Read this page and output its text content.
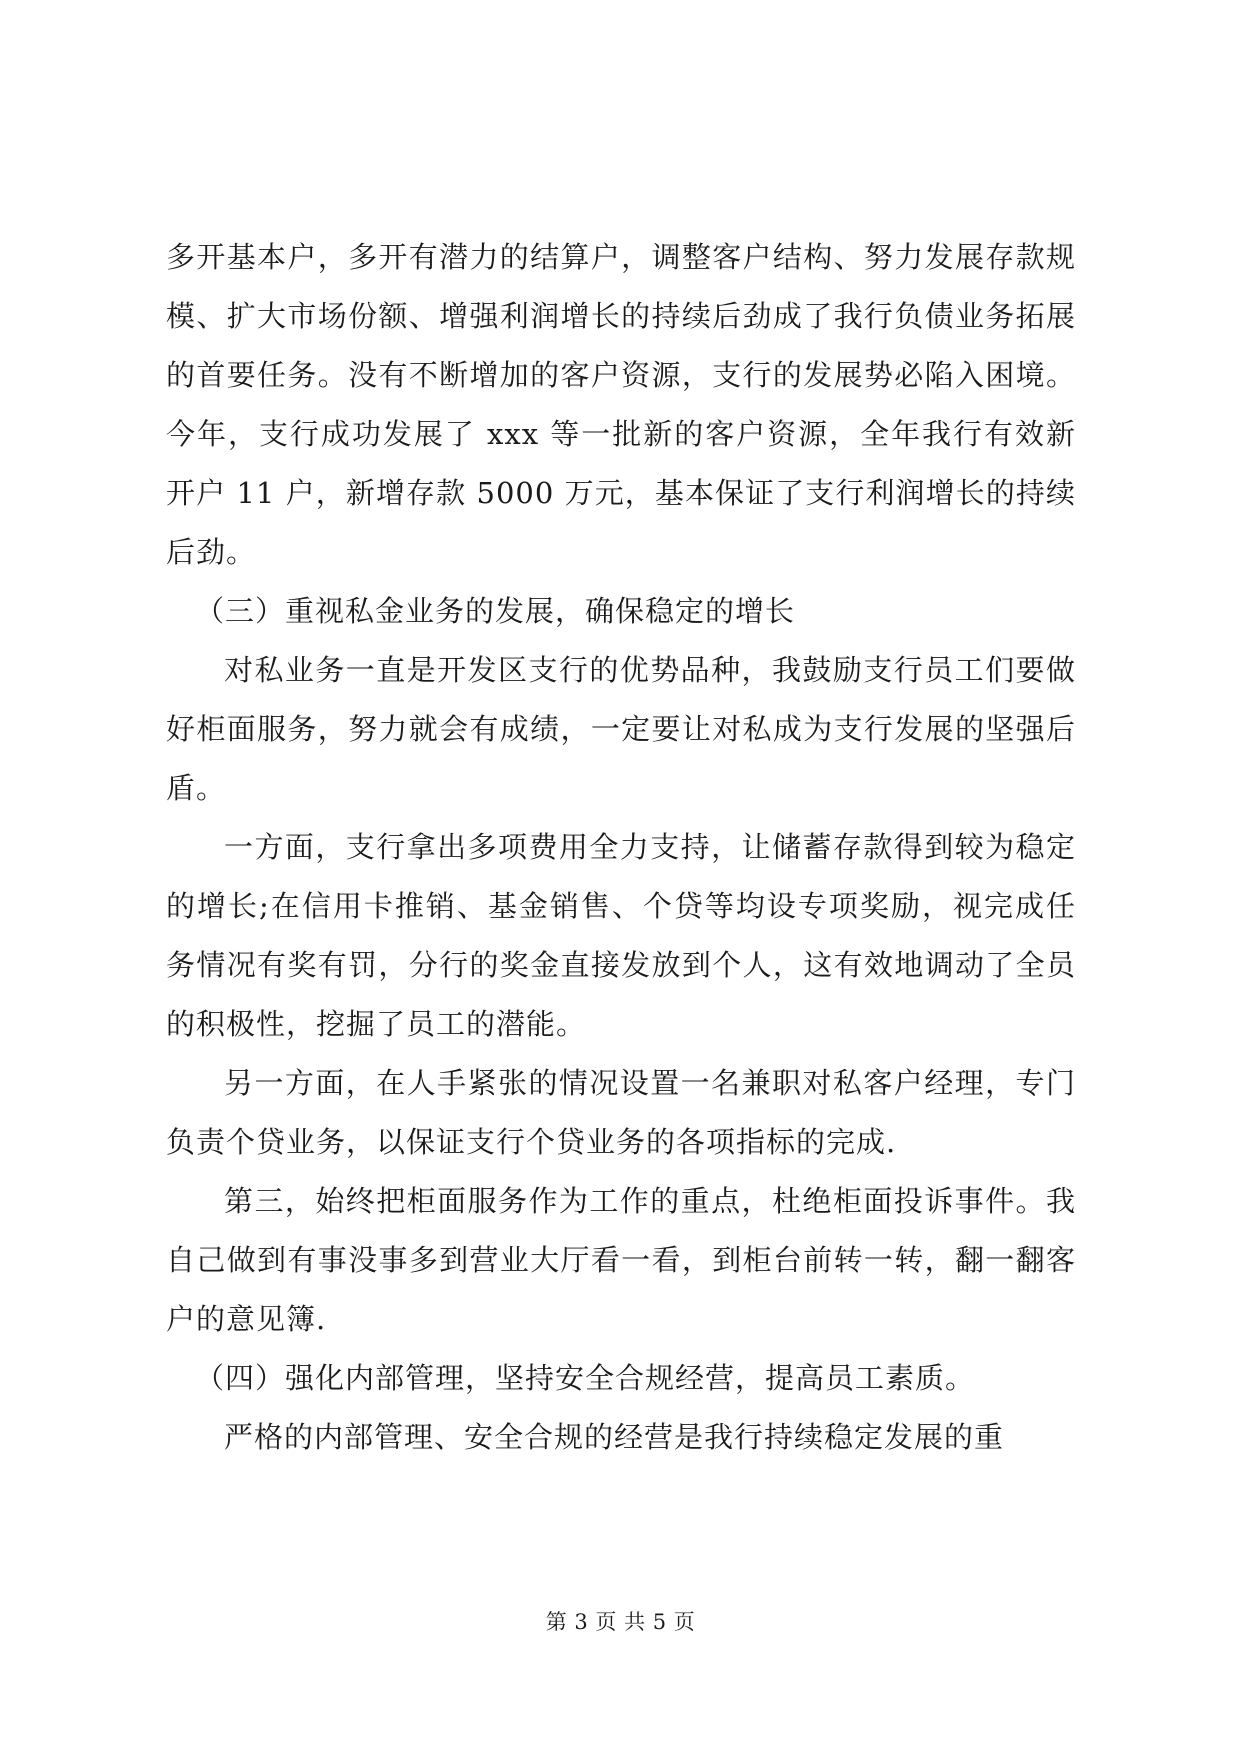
多开基本户，多开有潜力的结算户，调整客户结构、努力发展存款规模、扩大市场份额、增强利润增长的持续后劲成了我行负债业务拓展的首要任务。没有不断增加的客户资源，支行的发展势必陷入困境。今年，支行成功发展了 xxx 等一批新的客户资源，全年我行有效新开户 11 户，新增存款 5000 万元，基本保证了支行利润增长的持续后劲。

（三）重视私金业务的发展，确保稳定的增长

对私业务一直是开发区支行的优势品种，我鼓励支行员工们要做好柜面服务，努力就会有成绩，一定要让对私成为支行发展的坚强后盾。

一方面，支行拿出多项费用全力支持，让储蓄存款得到较为稳定的增长;在信用卡推销、基金销售、个贷等均设专项奖励，视完成任务情况有奖有罚，分行的奖金直接发放到个人，这有效地调动了全员的积极性，挖掘了员工的潜能。

另一方面，在人手紧张的情况设置一名兼职对私客户经理，专门负责个贷业务，以保证支行个贷业务的各项指标的完成.

第三，始终把柜面服务作为工作的重点，杜绝柜面投诉事件。我自己做到有事没事多到营业大厅看一看，到柜台前转一转，翻一翻客户的意见簿.

（四）强化内部管理，坚持安全合规经营，提高员工素质。

严格的内部管理、安全合规的经营是我行持续稳定发展的重

第 3 页 共 5 页
